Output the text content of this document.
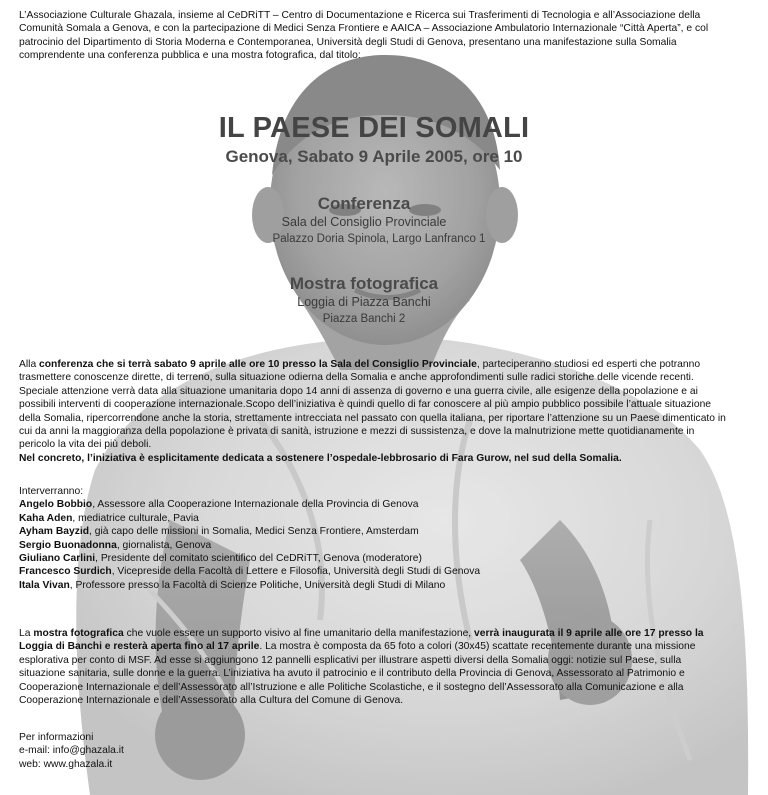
L’Associazione Culturale Ghazala, insieme al CeDRiTT – Centro di Documentazione e Ricerca sui Trasferimenti di Tecnologia e all’Associazione della Comunità Somala a Genova, e con la partecipazione di Medici Senza Frontiere e AAICA – Associazione Ambulatorio Internazionale “Città Aperta”, e col patrocinio del Dipartimento di Storia Moderna e Contemporanea, Università degli Studi di Genova, presentano una manifestazione sulla Somalia comprendente una conferenza pubblica e una mostra fotografica, dal titolo:

IL PAESE DEI SOMALI

Genova, Sabato 9 Aprile 2005, ore 10

Conferenza

Sala del Consiglio Provinciale

Palazzo Doria Spinola, Largo Lanfranco 1

Mostra fotografica

Loggia di Piazza Banchi

Piazza Banchi 2

Alla conferenza che si terrà sabato 9 aprile alle ore 10 presso la Sala del Consiglio Provinciale, parteciperanno studiosi ed esperti che potranno trasmettere conoscenze dirette, di terreno, sulla situazione odierna della Somalia e anche approfondimenti sulle radici storiche delle vicende recenti. Speciale attenzione verrà data alla situazione umanitaria dopo 14 anni di assenza di governo e una guerra civile, alle esigenze della popolazione e ai possibili interventi di cooperazione internazionale.Scopo dell’iniziativa è quindi quello di far conoscere al più ampio pubblico possibile l’attuale situazione della Somalia, ripercorrendone anche la storia, strettamente intrecciata nel passato con quella italiana, per riportare l’attenzione su un Paese dimenticato in cui da anni la maggioranza della popolazione è privata di sanità, istruzione e mezzi di sussistenza, e dove la malnutrizione mette quotidianamente in pericolo la vita dei più deboli.
Nel concreto, l’iniziativa è esplicitamente dedicata a sostenere l’ospedale-lebbrosario di Fara Gurow, nel sud della Somalia.
Interverranno:
Angelo Bobbio, Assessore alla Cooperazione Internazionale della Provincia di Genova
Kaha Aden, mediatrice culturale, Pavia
Ayham Bayzid, già capo delle missioni in Somalia, Medici Senza Frontiere, Amsterdam
Sergio Buonadonna, giornalista, Genova
Giuliano Carlini, Presidente del comitato scientifico del CeDRiTT, Genova (moderatore)
Francesco Surdich, Vicepreside della Facoltà di Lettere e Filosofia, Università degli Studi di Genova
Itala Vivan, Professore presso la Facoltà di Scienze Politiche, Università degli Studi di Milano
La mostra fotografica che vuole essere un supporto visivo al fine umanitario della manifestazione, verrà inaugurata il 9 aprile alle ore 17 presso la Loggia di Banchi e resterà aperta fino al 17 aprile. La mostra è composta da 65 foto a colori (30x45) scattate recentemente durante una missione esplorativa per conto di MSF. Ad esse si aggiungono 12 pannelli esplicativi per illustrare aspetti diversi della Somalia oggi: notizie sul Paese, sulla situazione sanitaria, sulle donne e la guerra. L’iniziativa ha avuto il patrocinio e il contributo della Provincia di Genova, Assessorato al Patrimonio e Cooperazione Internazionale e dell’Assessorato all’Istruzione e alle Politiche Scolastiche, e il sostegno dell’Assessorato alla Comunicazione e alla Cooperazione Internazionale e dell’Assessorato alla Cultura del Comune di Genova.
Per informazioni
e-mail: info@ghazala.it
web: www.ghazala.it
